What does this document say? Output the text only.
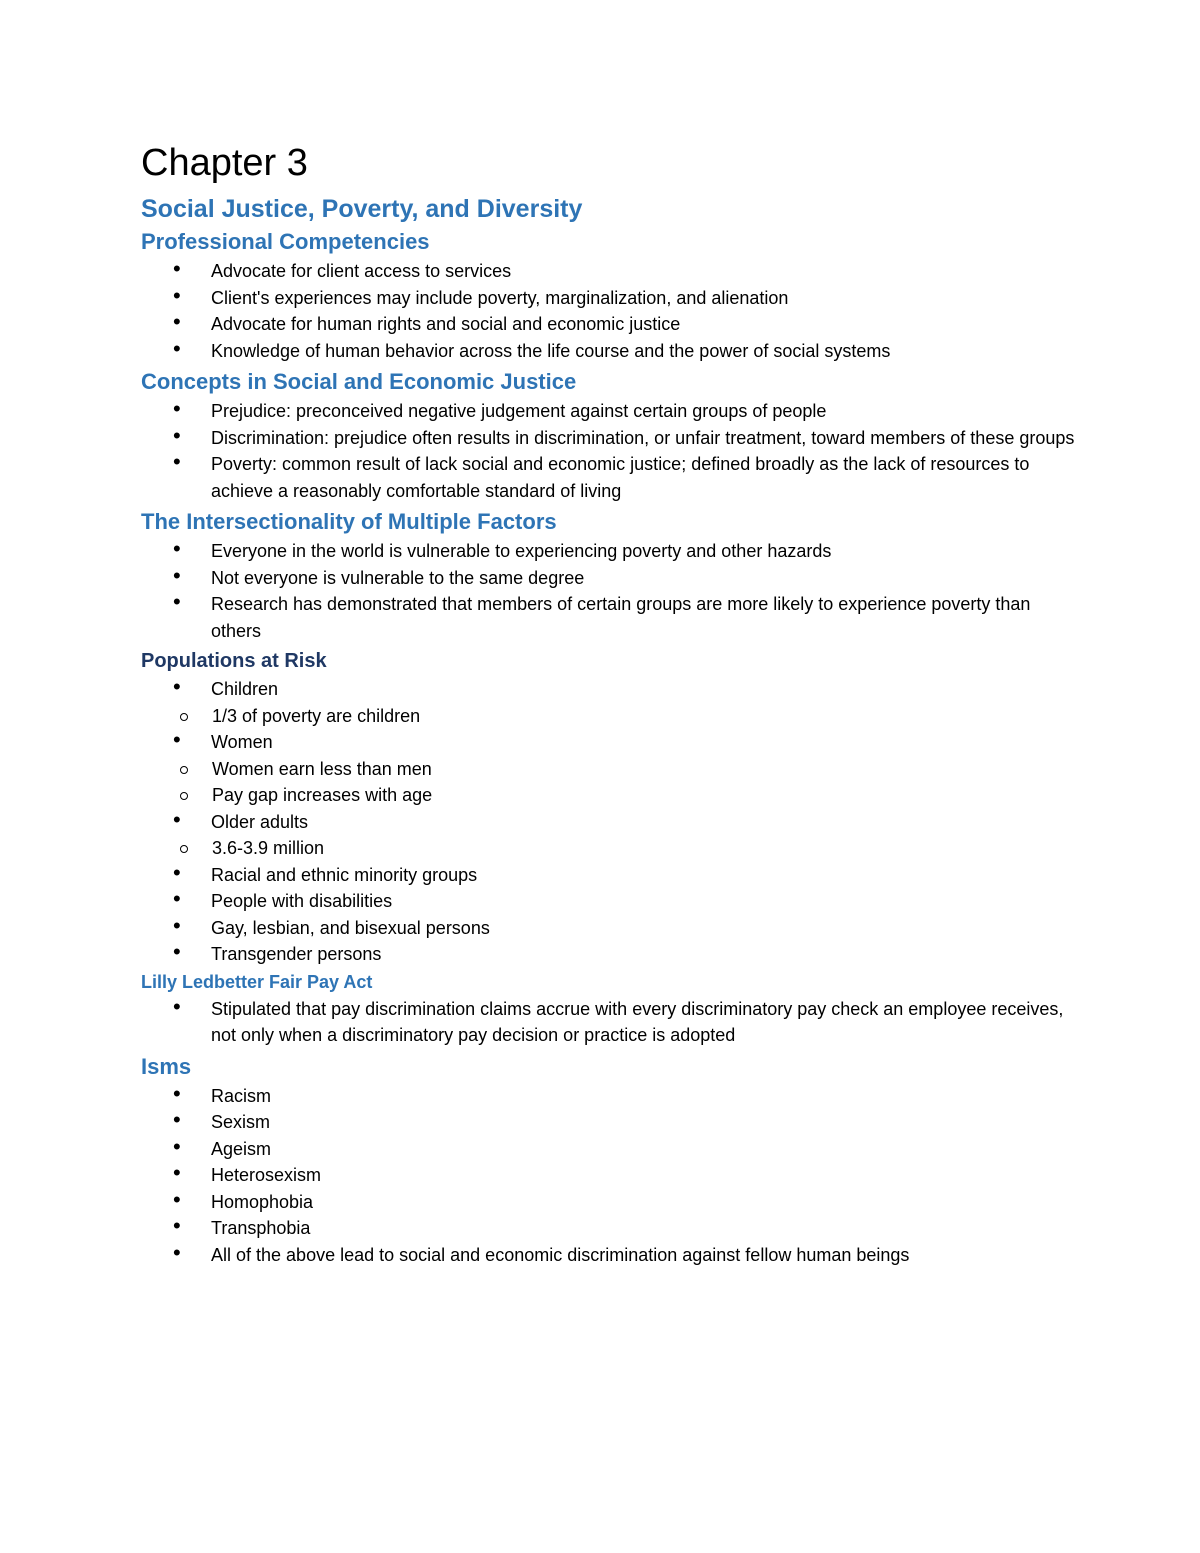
Chapter 3
Social Justice, Poverty, and Diversity
Professional Competencies
• Advocate for client access to services
• Client's experiences may include poverty, marginalization, and alienation
• Advocate for human rights and social and economic justice
• Knowledge of human behavior across the life course and the power of social systems
Concepts in Social and Economic Justice
• Prejudice: preconceived negative judgement against certain groups of people
• Discrimination: prejudice often results in discrimination, or unfair treatment, toward members of these groups
• Poverty: common result of lack social and economic justice; defined broadly as the lack of resources to achieve a reasonably comfortable standard of living
The Intersectionality of Multiple Factors
• Everyone in the world is vulnerable to experiencing poverty and other hazards
• Not everyone is vulnerable to the same degree
• Research has demonstrated that members of certain groups are more likely to experience poverty than others
Populations at Risk
• Children
1/3 of poverty are children
• Women
Women earn less than men
Pay gap increases with age
• Older adults
3.6-3.9 million
• Racial and ethnic minority groups
• People with disabilities
• Gay, lesbian, and bisexual persons
• Transgender persons
Lilly Ledbetter Fair Pay Act
• Stipulated that pay discrimination claims accrue with every discriminatory pay check an employee receives, not only when a discriminatory pay decision or practice is adopted
Isms
• Racism
• Sexism
• Ageism
• Heterosexism
• Homophobia
• Transphobia
• All of the above lead to social and economic discrimination against fellow human beings
